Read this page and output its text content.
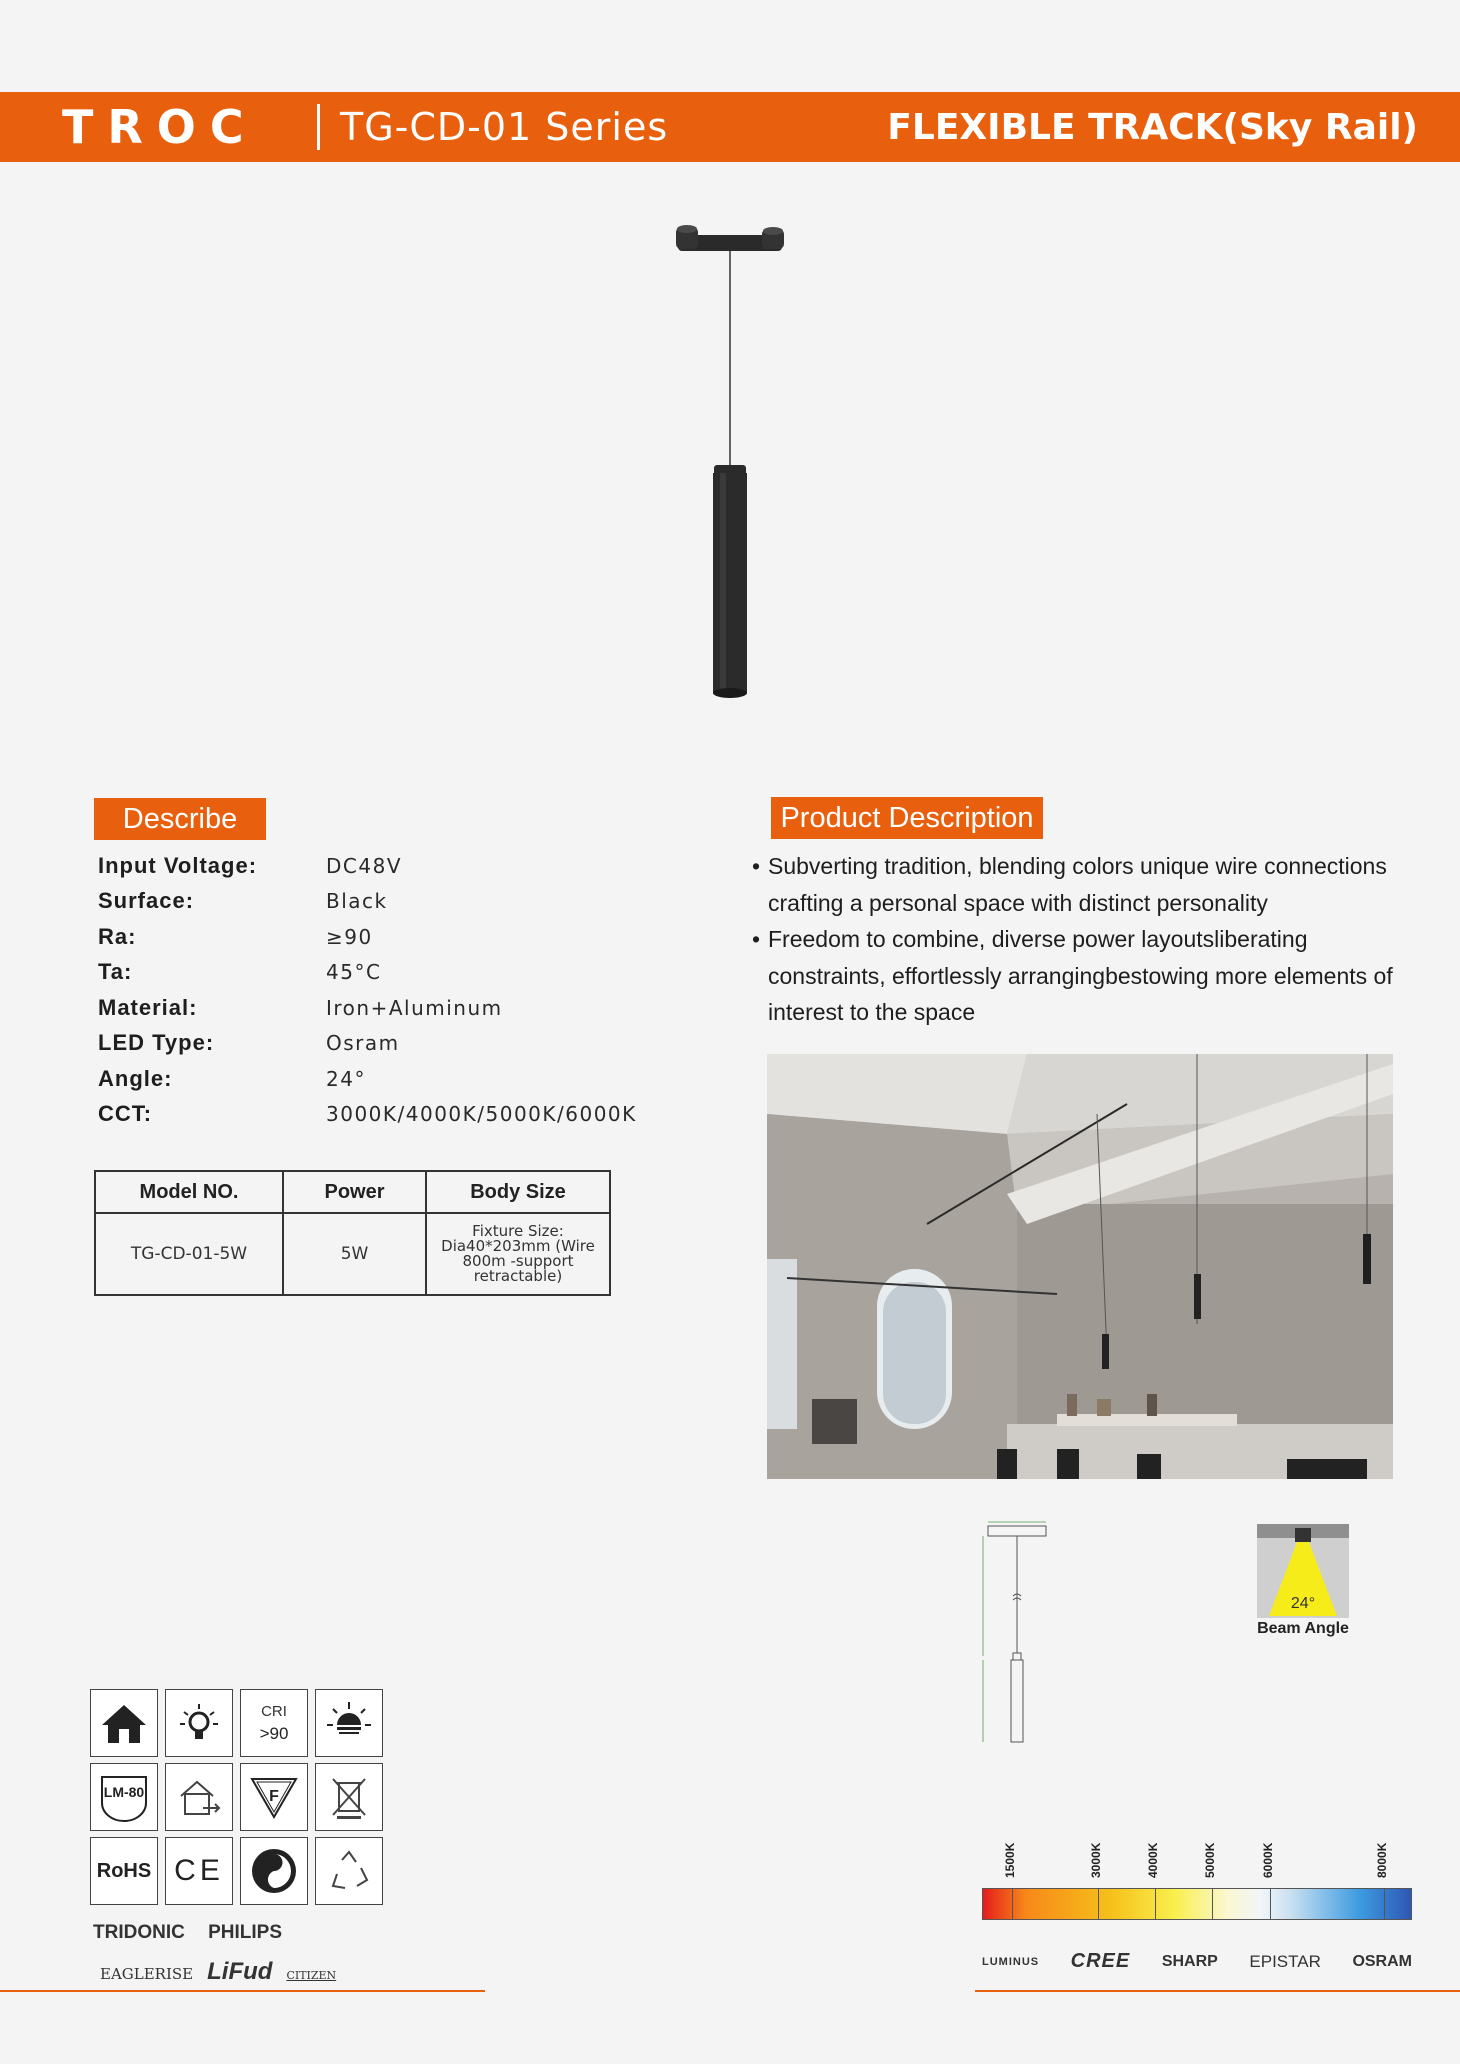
TROC TG-CD-01 Series	FLEXIBLE TRACK(Sky Rail)
Describe
Input Voltage:	DC48V
Surface:	Black
Ra:	≥90
Ta:	45°C
Material:	Iron+Aluminum
LED Type:	Osram
Angle:	24°
CCT:	3000K/4000K/5000K/6000K
Model NO.	Power	Body Size
TG-CD-01-5W	5W	Fixture Size: Dia40*203mm (Wire 800m -support retractable)
Product Description
• Subverting tradition, blending colors unique wire connections crafting a personal space with distinct personality
• Freedom to combine, diverse power layoutsliberating constraints, effortlessly arrangingbestowing more elements of interest to the space
24°
Beam Angle
CRI
>90
LM-80	F
RoHS CE
TRIDONIC PHILIPS
EAGLERISE LiFud CITIZEN
1500K	3000K	4000K	5000K	6000K	8000K
LUMINUS CREE SHARP EPISTAR OSRAM
